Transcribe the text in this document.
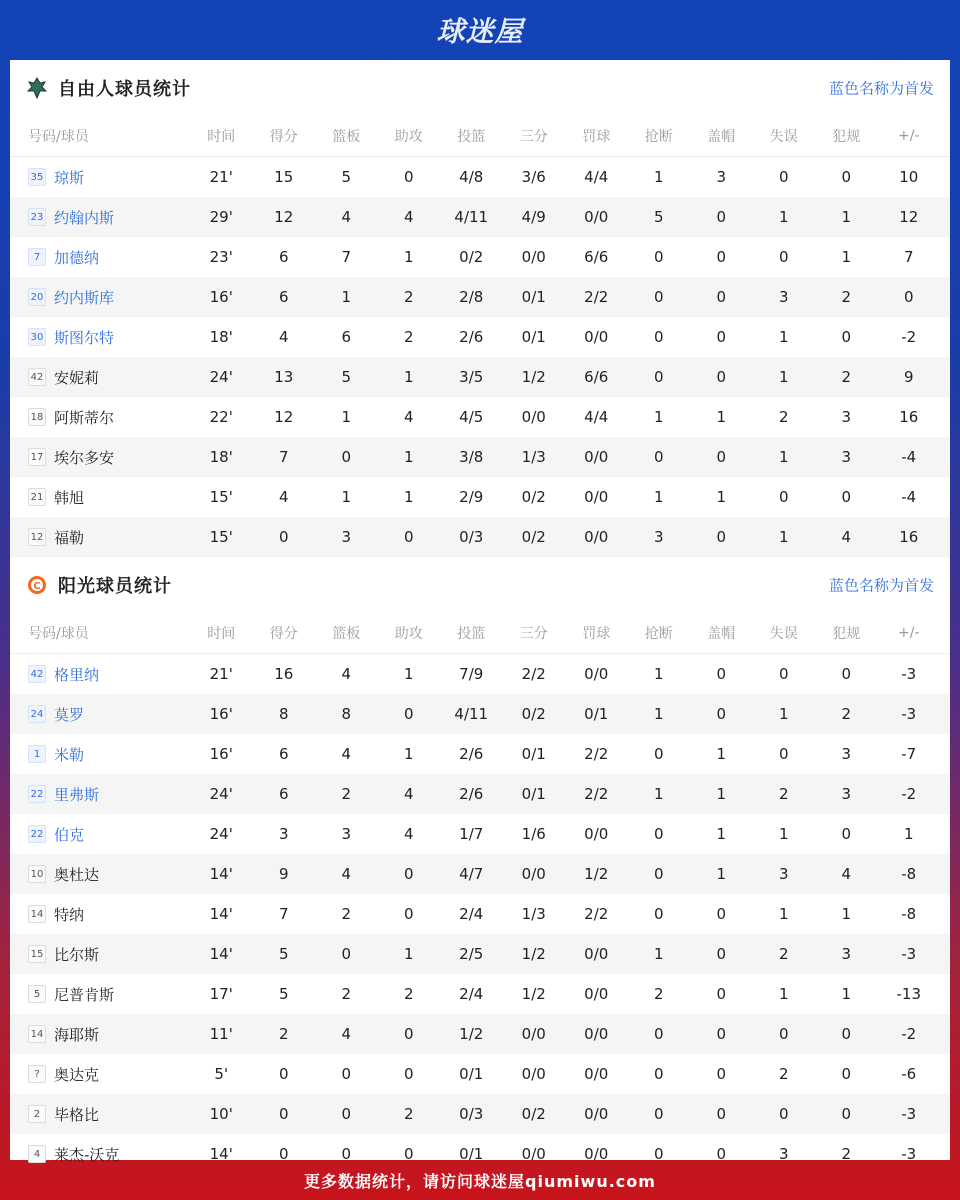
球迷屋
自由人球员统计	蓝色名称为首发
号码/球员	时间	得分	篮板	助攻	投篮	三分	罚球	抢断	盖帽	失误	犯规	+/-
35 琼斯	21'	15	5	0	4/8	3/6	4/4	1	3	0	0	10
23 约翰内斯	29'	12	4	4	4/11	4/9	0/0	5	0	1	1	12
7 加德纳	23'	6	7	1	0/2	0/0	6/6	0	0	0	1	7
20 约内斯库	16'	6	1	2	2/8	0/1	2/2	0	0	3	2	0
30 斯图尔特	18'	4	6	2	2/6	0/1	0/0	0	0	1	0	-2
42 安妮莉	24'	13	5	1	3/5	1/2	6/6	0	0	1	2	9
18 阿斯蒂尔	22'	12	1	4	4/5	0/0	4/4	1	1	2	3	16
17 埃尔多安	18'	7	0	1	3/8	1/3	0/0	0	0	1	3	-4
21 韩旭	15'	4	1	1	2/9	0/2	0/0	1	1	0	0	-4
12 福勒	15'	0	3	0	0/3	0/2	0/0	3	0	1	4	16
C 阳光球员统计	蓝色名称为首发
号码/球员	时间	得分	篮板	助攻	投篮	三分	罚球	抢断	盖帽	失误	犯规	+/-
42 格里纳	21'	16	4	1	7/9	2/2	0/0	1	0	0	0	-3
24 莫罗	16'	8	8	0	4/11	0/2	0/1	1	0	1	2	-3
1 米勒	16'	6	4	1	2/6	0/1	2/2	0	1	0	3	-7
22 里弗斯	24'	6	2	4	2/6	0/1	2/2	1	1	2	3	-2
22 伯克	24'	3	3	4	1/7	1/6	0/0	0	1	1	0	1
10 奥杜达	14'	9	4	0	4/7	0/0	1/2	0	1	3	4	-8
14 特纳	14'	7	2	0	2/4	1/3	2/2	0	0	1	1	-8
15 比尔斯	14'	5	0	1	2/5	1/2	0/0	1	0	2	3	-3
5 尼普肯斯	17'	5	2	2	2/4	1/2	0/0	2	0	1	1	-13
14 海耶斯	11'	2	4	0	1/2	0/0	0/0	0	0	0	0	-2
? 奥达克	5'	0	0	0	0/1	0/0	0/0	0	0	2	0	-6
2 毕格比	10'	0	0	2	0/3	0/2	0/0	0	0	0	0	-3
4 莱杰-沃克	14'	0	0	0	0/1	0/0	0/0	0	0	3	2	-3
更多数据统计，请访问球迷屋qiumiwu.com
